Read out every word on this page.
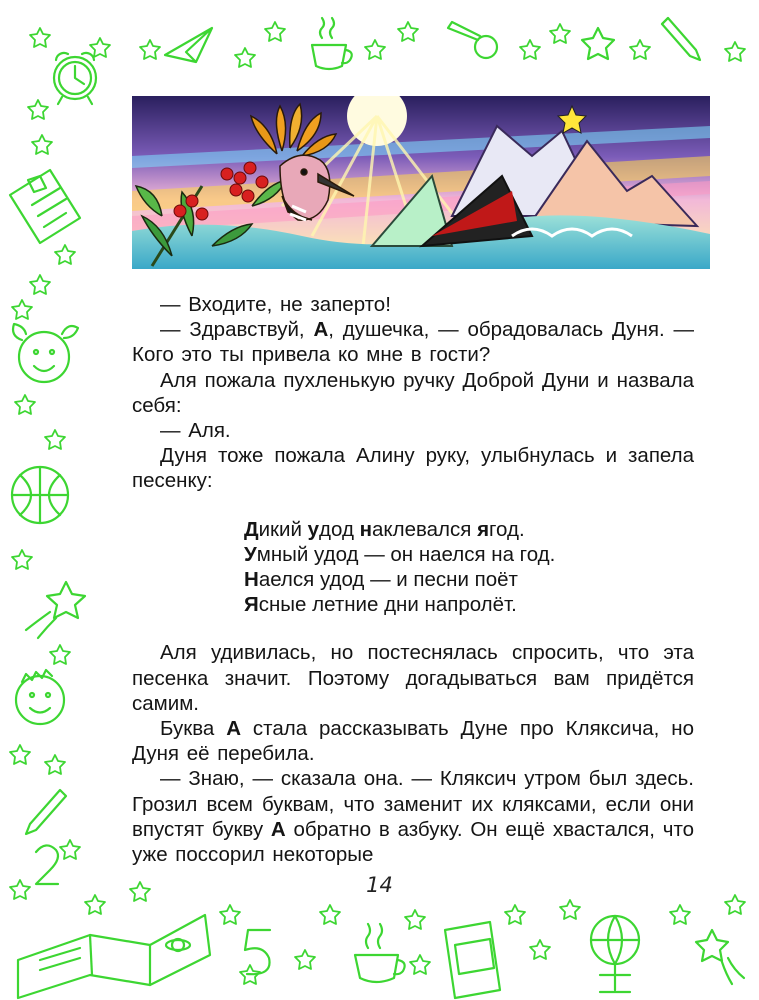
— Входите, не заперто!

— Здравствуй, А, душечка, — обрадовалась Дуня. — Кого это ты привела ко мне в гости?

Аля пожала пухленькую ручку Доброй Дуни и назвала себя:

— Аля.

Дуня тоже пожала Алину руку, улыбнулась и запела песенку:

Дикий удод наклевался ягод.
Умный удод — он наелся на год.
Наелся удод — и песни поёт
Ясные летние дни напролёт.

Аля удивилась, но постеснялась спросить, что эта песенка значит. Поэтому догадываться вам придётся самим.

Буква А стала рассказывать Дуне про Кляксича, но Дуня её перебила.

— Знаю, — сказала она. — Кляксич утром был здесь. Грозил всем буквам, что заменит их кляксами, если они впустят букву А обратно в азбуку. Он ещё хвастался, что уже поссорил некоторые

14
